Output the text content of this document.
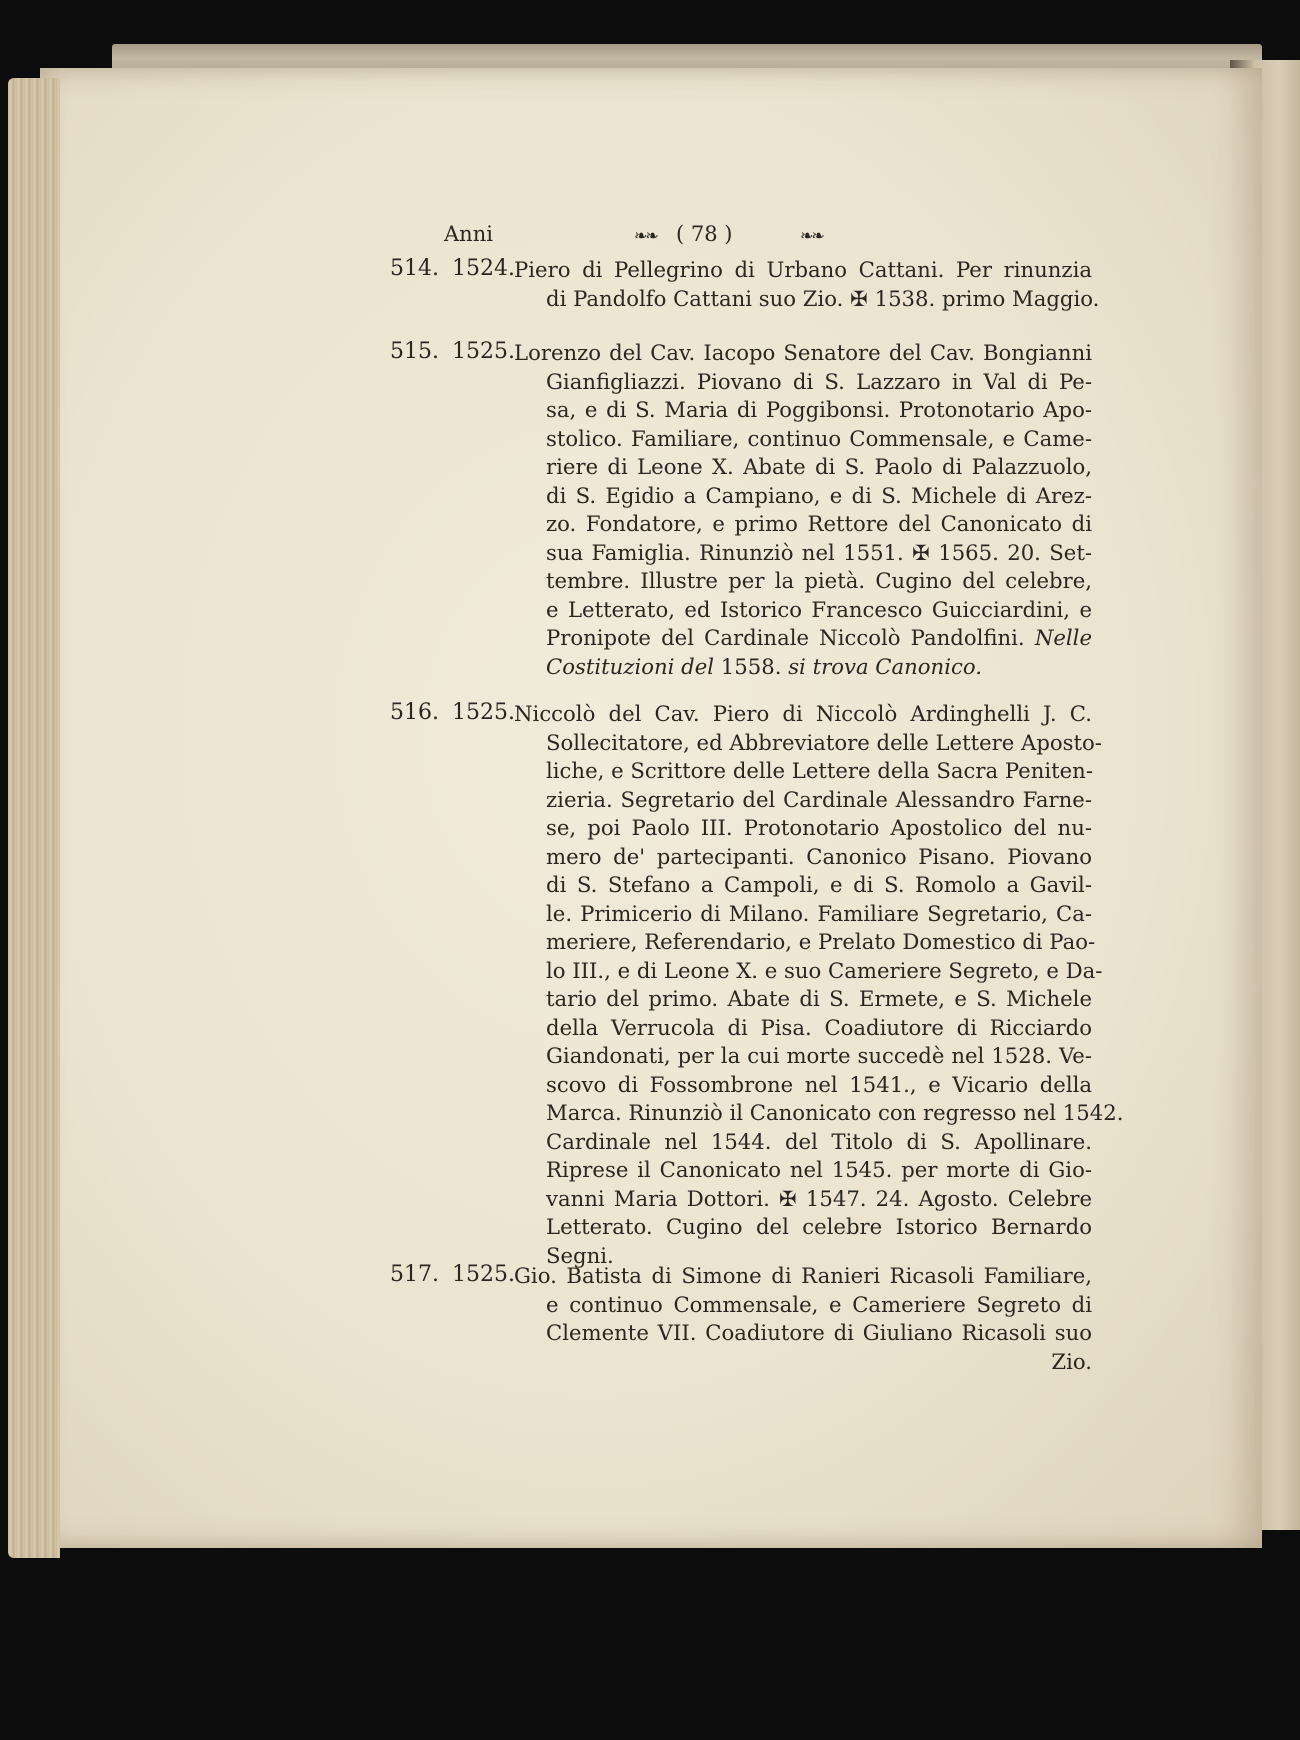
Anni	❧❧ ( 78 )	❧❧
514. 1524. Piero di Pellegrino di Urbano Cattani. Per rinunzia
di Pandolfo Cattani suo Zio. ✠ 1538. primo Maggio.
515. 1525. Lorenzo del Cav. Iacopo Senatore del Cav. Bongianni
Gianfigliazzi. Piovano di S. Lazzaro in Val di Pe-
sa, e di S. Maria di Poggibonsi. Protonotario Apo-
stolico. Familiare, continuo Commensale, e Came-
riere di Leone X. Abate di S. Paolo di Palazzuolo,
di S. Egidio a Campiano, e di S. Michele di Arez-
zo. Fondatore, e primo Rettore del Canonicato di
sua Famiglia. Rinunziò nel 1551. ✠ 1565. 20. Set-
tembre. Illustre per la pietà. Cugino del celebre,
e Letterato, ed Istorico Francesco Guicciardini, e
Pronipote del Cardinale Niccolò Pandolfini. Nelle
Costituzioni del 1558. si trova Canonico.
516. 1525. Niccolò del Cav. Piero di Niccolò Ardinghelli J. C.
Sollecitatore, ed Abbreviatore delle Lettere Aposto-
liche, e Scrittore delle Lettere della Sacra Peniten-
zieria. Segretario del Cardinale Alessandro Farne-
se, poi Paolo III. Protonotario Apostolico del nu-
mero de' partecipanti. Canonico Pisano. Piovano
di S. Stefano a Campoli, e di S. Romolo a Gavil-
le. Primicerio di Milano. Familiare Segretario, Ca-
meriere, Referendario, e Prelato Domestico di Pao-
lo III., e di Leone X. e suo Cameriere Segreto, e Da-
tario del primo. Abate di S. Ermete, e S. Michele
della Verrucola di Pisa. Coadiutore di Ricciardo
Giandonati, per la cui morte succedè nel 1528. Ve-
scovo di Fossombrone nel 1541., e Vicario della
Marca. Rinunziò il Canonicato con regresso nel 1542.
Cardinale nel 1544. del Titolo di S. Apollinare.
Riprese il Canonicato nel 1545. per morte di Gio-
vanni Maria Dottori. ✠ 1547. 24. Agosto. Celebre
Letterato. Cugino del celebre Istorico Bernardo
Segni.
517. 1525. Gio. Batista di Simone di Ranieri Ricasoli Familiare,
e continuo Commensale, e Cameriere Segreto di
Clemente VII. Coadiutore di Giuliano Ricasoli suo
Zio.
